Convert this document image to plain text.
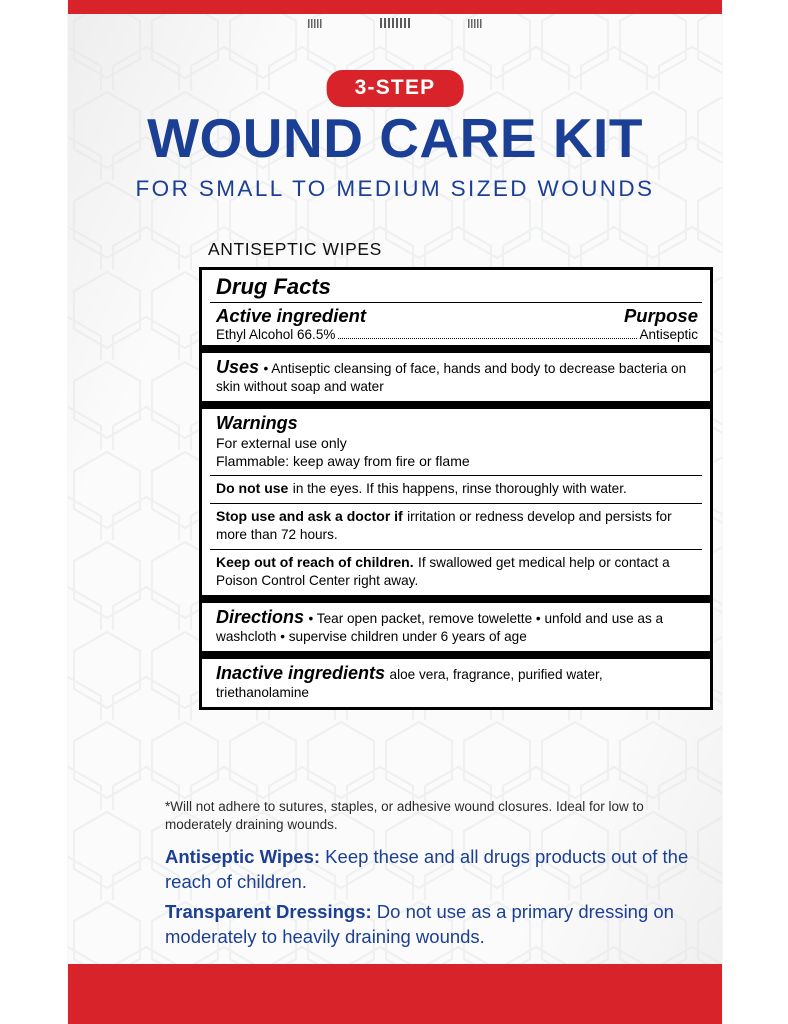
3-STEP
WOUND CARE KIT
FOR SMALL TO MEDIUM SIZED WOUNDS
ANTISEPTIC WIPES
Drug Facts
Active ingredient	Purpose
Ethyl Alcohol 66.5%	Antiseptic
Uses • Antiseptic cleansing of face, hands and body to decrease bacteria on skin without soap and water
Warnings
For external use only
Flammable: keep away from fire or flame
Do not use in the eyes. If this happens, rinse thoroughly with water.
Stop use and ask a doctor if irritation or redness develop and persists for more than 72 hours.
Keep out of reach of children. If swallowed get medical help or contact a Poison Control Center right away.
Directions • Tear open packet, remove towelette • unfold and use as a washcloth • supervise children under 6 years of age
Inactive ingredients aloe vera, fragrance, purified water, triethanolamine
*Will not adhere to sutures, staples, or adhesive wound closures. Ideal for low to moderately draining wounds.
Antiseptic Wipes: Keep these and all drugs products out of the reach of children.
Transparent Dressings: Do not use as a primary dressing on moderately to heavily draining wounds.
